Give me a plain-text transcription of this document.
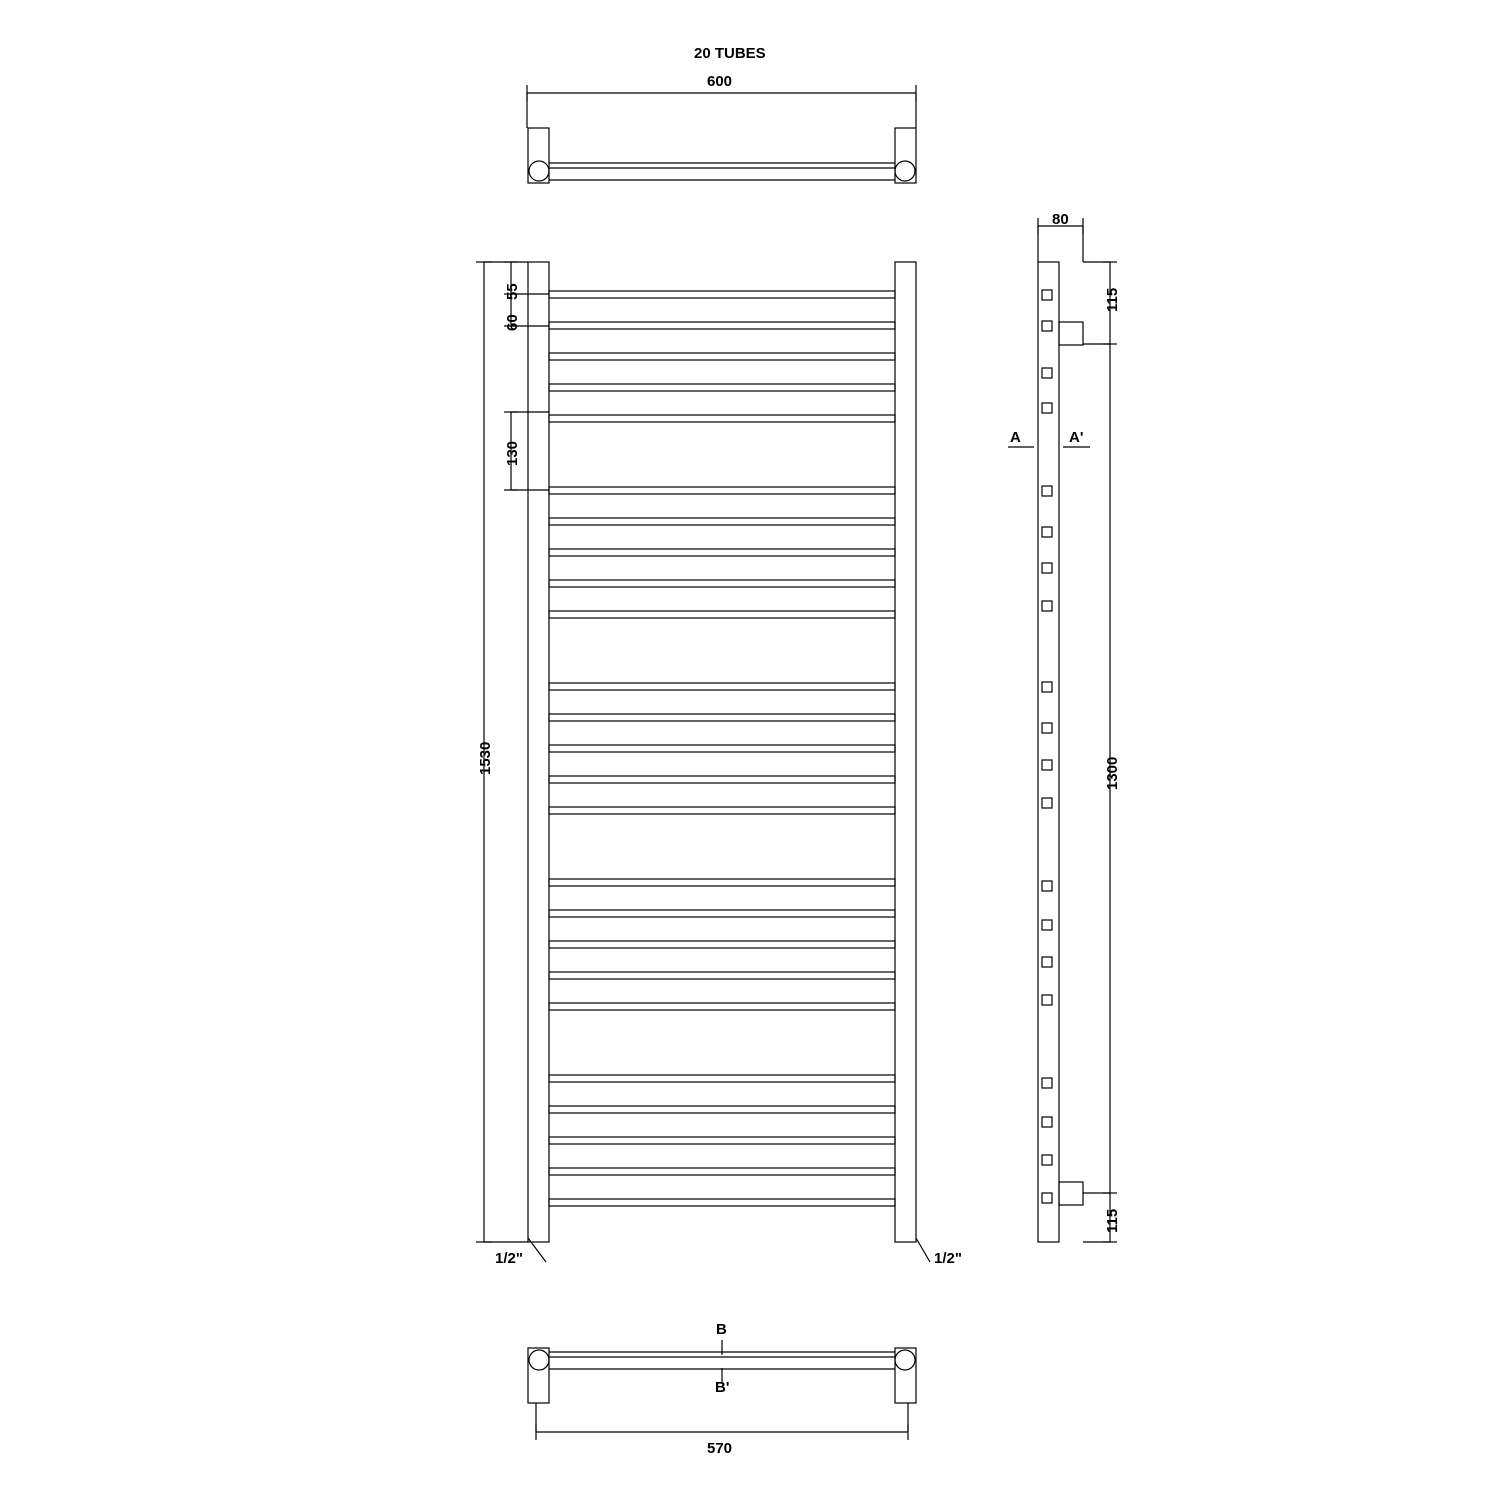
20 TUBES
600
55
60
130
1530
1/2"	1/2"
80
115
1300
115
A	A'
B
B'
570
